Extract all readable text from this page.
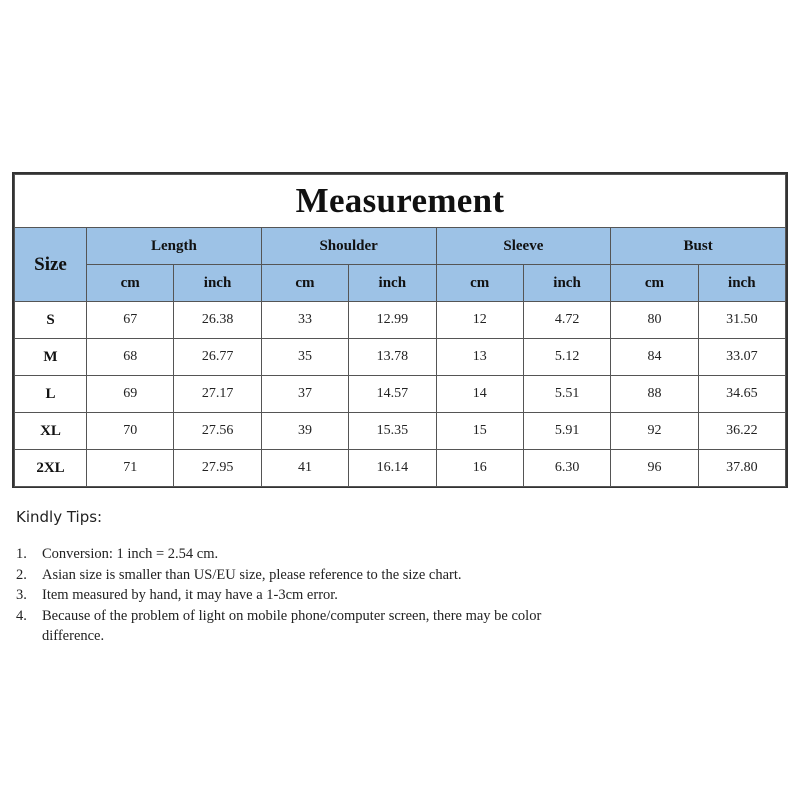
Measurement								
Size	Length		Shoulder		Sleeve		Bust	
	cm	inch	cm	inch	cm	inch	cm	inch
S	67	26.38	33	12.99	12	4.72	80	31.50
M	68	26.77	35	13.78	13	5.12	84	33.07
L	69	27.17	37	14.57	14	5.51	88	34.65
XL	70	27.56	39	15.35	15	5.91	92	36.22
2XL	71	27.95	41	16.14	16	6.30	96	37.80
Kindly Tips:
1.	Conversion: 1 inch = 2.54 cm.
2.	Asian size is smaller than US/EU size, please reference to the size chart.
3.	Item measured by hand, it may have a 1-3cm error.
4.	Because of the problem of light on mobile phone/computer screen, there may be color difference.
